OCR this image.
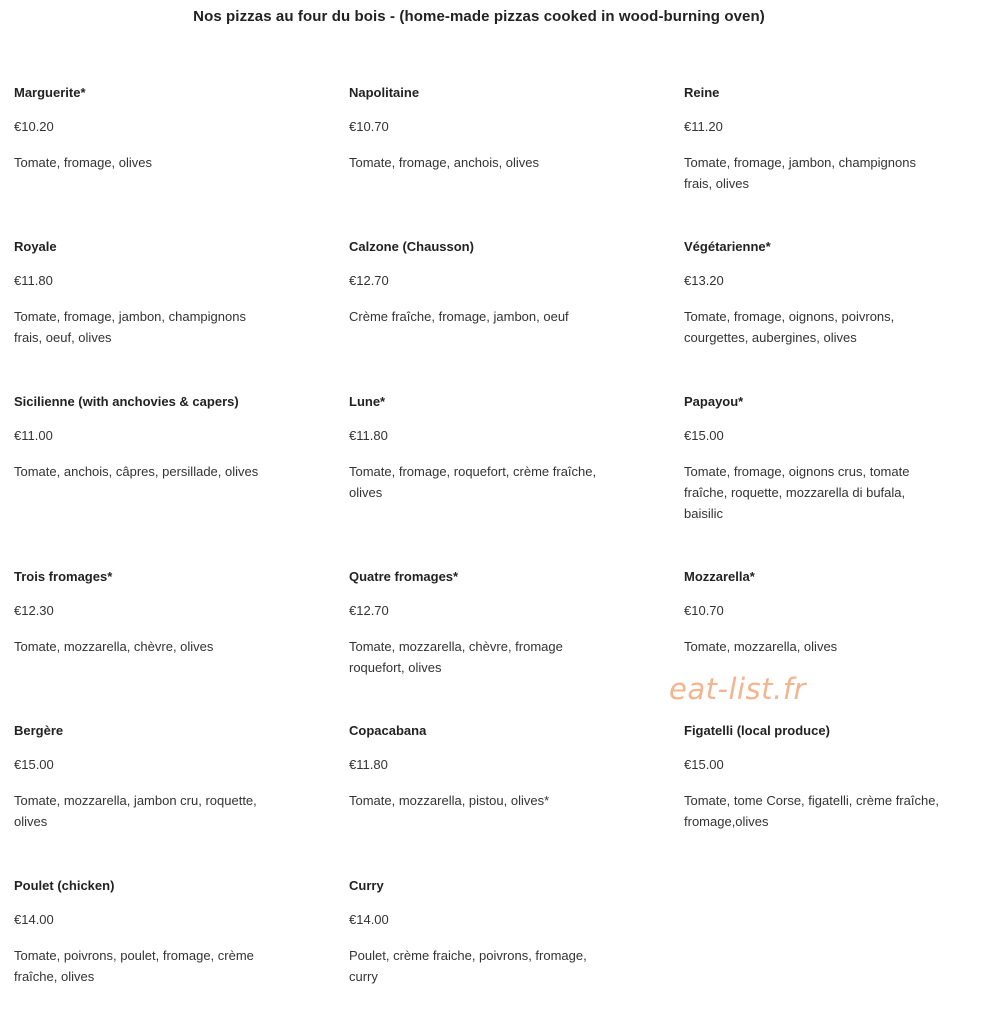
Nos pizzas au four du bois - (home-made pizzas cooked in wood-burning oven)
Marguerite*
€10.20
Tomate, fromage, olives
Napolitaine
€10.70
Tomate, fromage, anchois, olives
Reine
€11.20
Tomate, fromage, jambon, champignons frais, olives
Royale
€11.80
Tomate, fromage, jambon, champignons frais, oeuf, olives
Calzone (Chausson)
€12.70
Crème fraîche, fromage, jambon, oeuf
Végétarienne*
€13.20
Tomate, fromage, oignons, poivrons, courgettes, aubergines, olives
Sicilienne (with anchovies & capers)
€11.00
Tomate, anchois, câpres, persillade, olives
Lune*
€11.80
Tomate, fromage, roquefort, crème fraîche, olives
Papayou*
€15.00
Tomate, fromage, oignons crus, tomate fraîche, roquette, mozzarella di bufala, baisilic
Trois fromages*
€12.30
Tomate, mozzarella, chèvre, olives
Quatre fromages*
€12.70
Tomate, mozzarella, chèvre, fromage roquefort, olives
Mozzarella*
€10.70
Tomate, mozzarella, olives
Bergère
€15.00
Tomate, mozzarella, jambon cru, roquette, olives
Copacabana
€11.80
Tomate, mozzarella, pistou, olives*
Figatelli (local produce)
€15.00
Tomate, tome Corse, figatelli, crème fraîche, fromage,olives
Poulet (chicken)
€14.00
Tomate, poivrons, poulet, fromage, crème fraîche, olives
Curry
€14.00
Poulet, crème fraiche, poivrons, fromage, curry
eat-list.fr
